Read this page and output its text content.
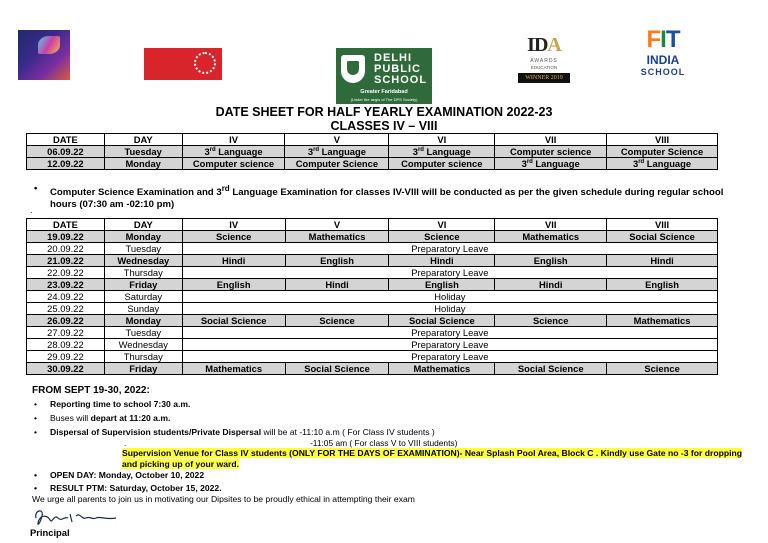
DELHI PUBLIC SCHOOL
Greater Faridabad
(Under the aegis of The DPS Society)
IDA
AWARDS
EDUCATION
WINNER 2019
FIT
INDIA
SCHOOL
DATE SHEET FOR HALF YEARLY EXAMINATION 2022-23
CLASSES IV – VIII
DATE	DAY	IV	V	VI	VII	VIII
06.09.22	Tuesday	3rd Language	3rd Language	3rd Language	Computer science	Computer Science
12.09.22	Monday	Computer science	Computer Science	Computer science	3rd Language	3rd Language
• Computer Science Examination and 3rd Language Examination for classes IV-VIII will be conducted as per the given schedule during regular school hours (07:30 am -02:10 pm)
.
DATE	DAY	IV	V	VI	VII	VIII
19.09.22	Monday	Science	Mathematics	Science	Mathematics	Social Science
20.09.22	Tuesday	Preparatory Leave				
21.09.22	Wednesday	Hindi	English	Hindi	English	Hindi
22.09.22	Thursday	Preparatory Leave				
23.09.22	Friday	English	Hindi	English	Hindi	English
24.09.22	Saturday	Holiday				
25.09.22	Sunday	Holiday				
26.09.22	Monday	Social Science	Science	Social Science	Science	Mathematics
27.09.22	Tuesday	Preparatory Leave				
28.09.22	Wednesday	Preparatory Leave				
29.09.22	Thursday	Preparatory Leave				
30.09.22	Friday	Mathematics	Social Science	Mathematics	Social Science	Science
FROM SEPT 19-30, 2022:
• Reporting time to school 7:30 a.m.
• Buses will depart at 11:20 a.m.
• Dispersal of Supervision students/Private Dispersal will be at -11:10 a.m ( For Class IV students )
.	-11:05 am ( For class V to VIII students)
Supervision Venue for Class IV students (ONLY FOR THE DAYS OF EXAMINATION)- Near Splash Pool Area, Block C . Kindly use Gate no -3 for dropping and picking up of your ward.
• OPEN DAY: Monday, October 10, 2022
• RESULT PTM: Saturday, October 15, 2022.
We urge all parents to join us in motivating our Dipsites to be proudly ethical in attempting their exam
Principal
